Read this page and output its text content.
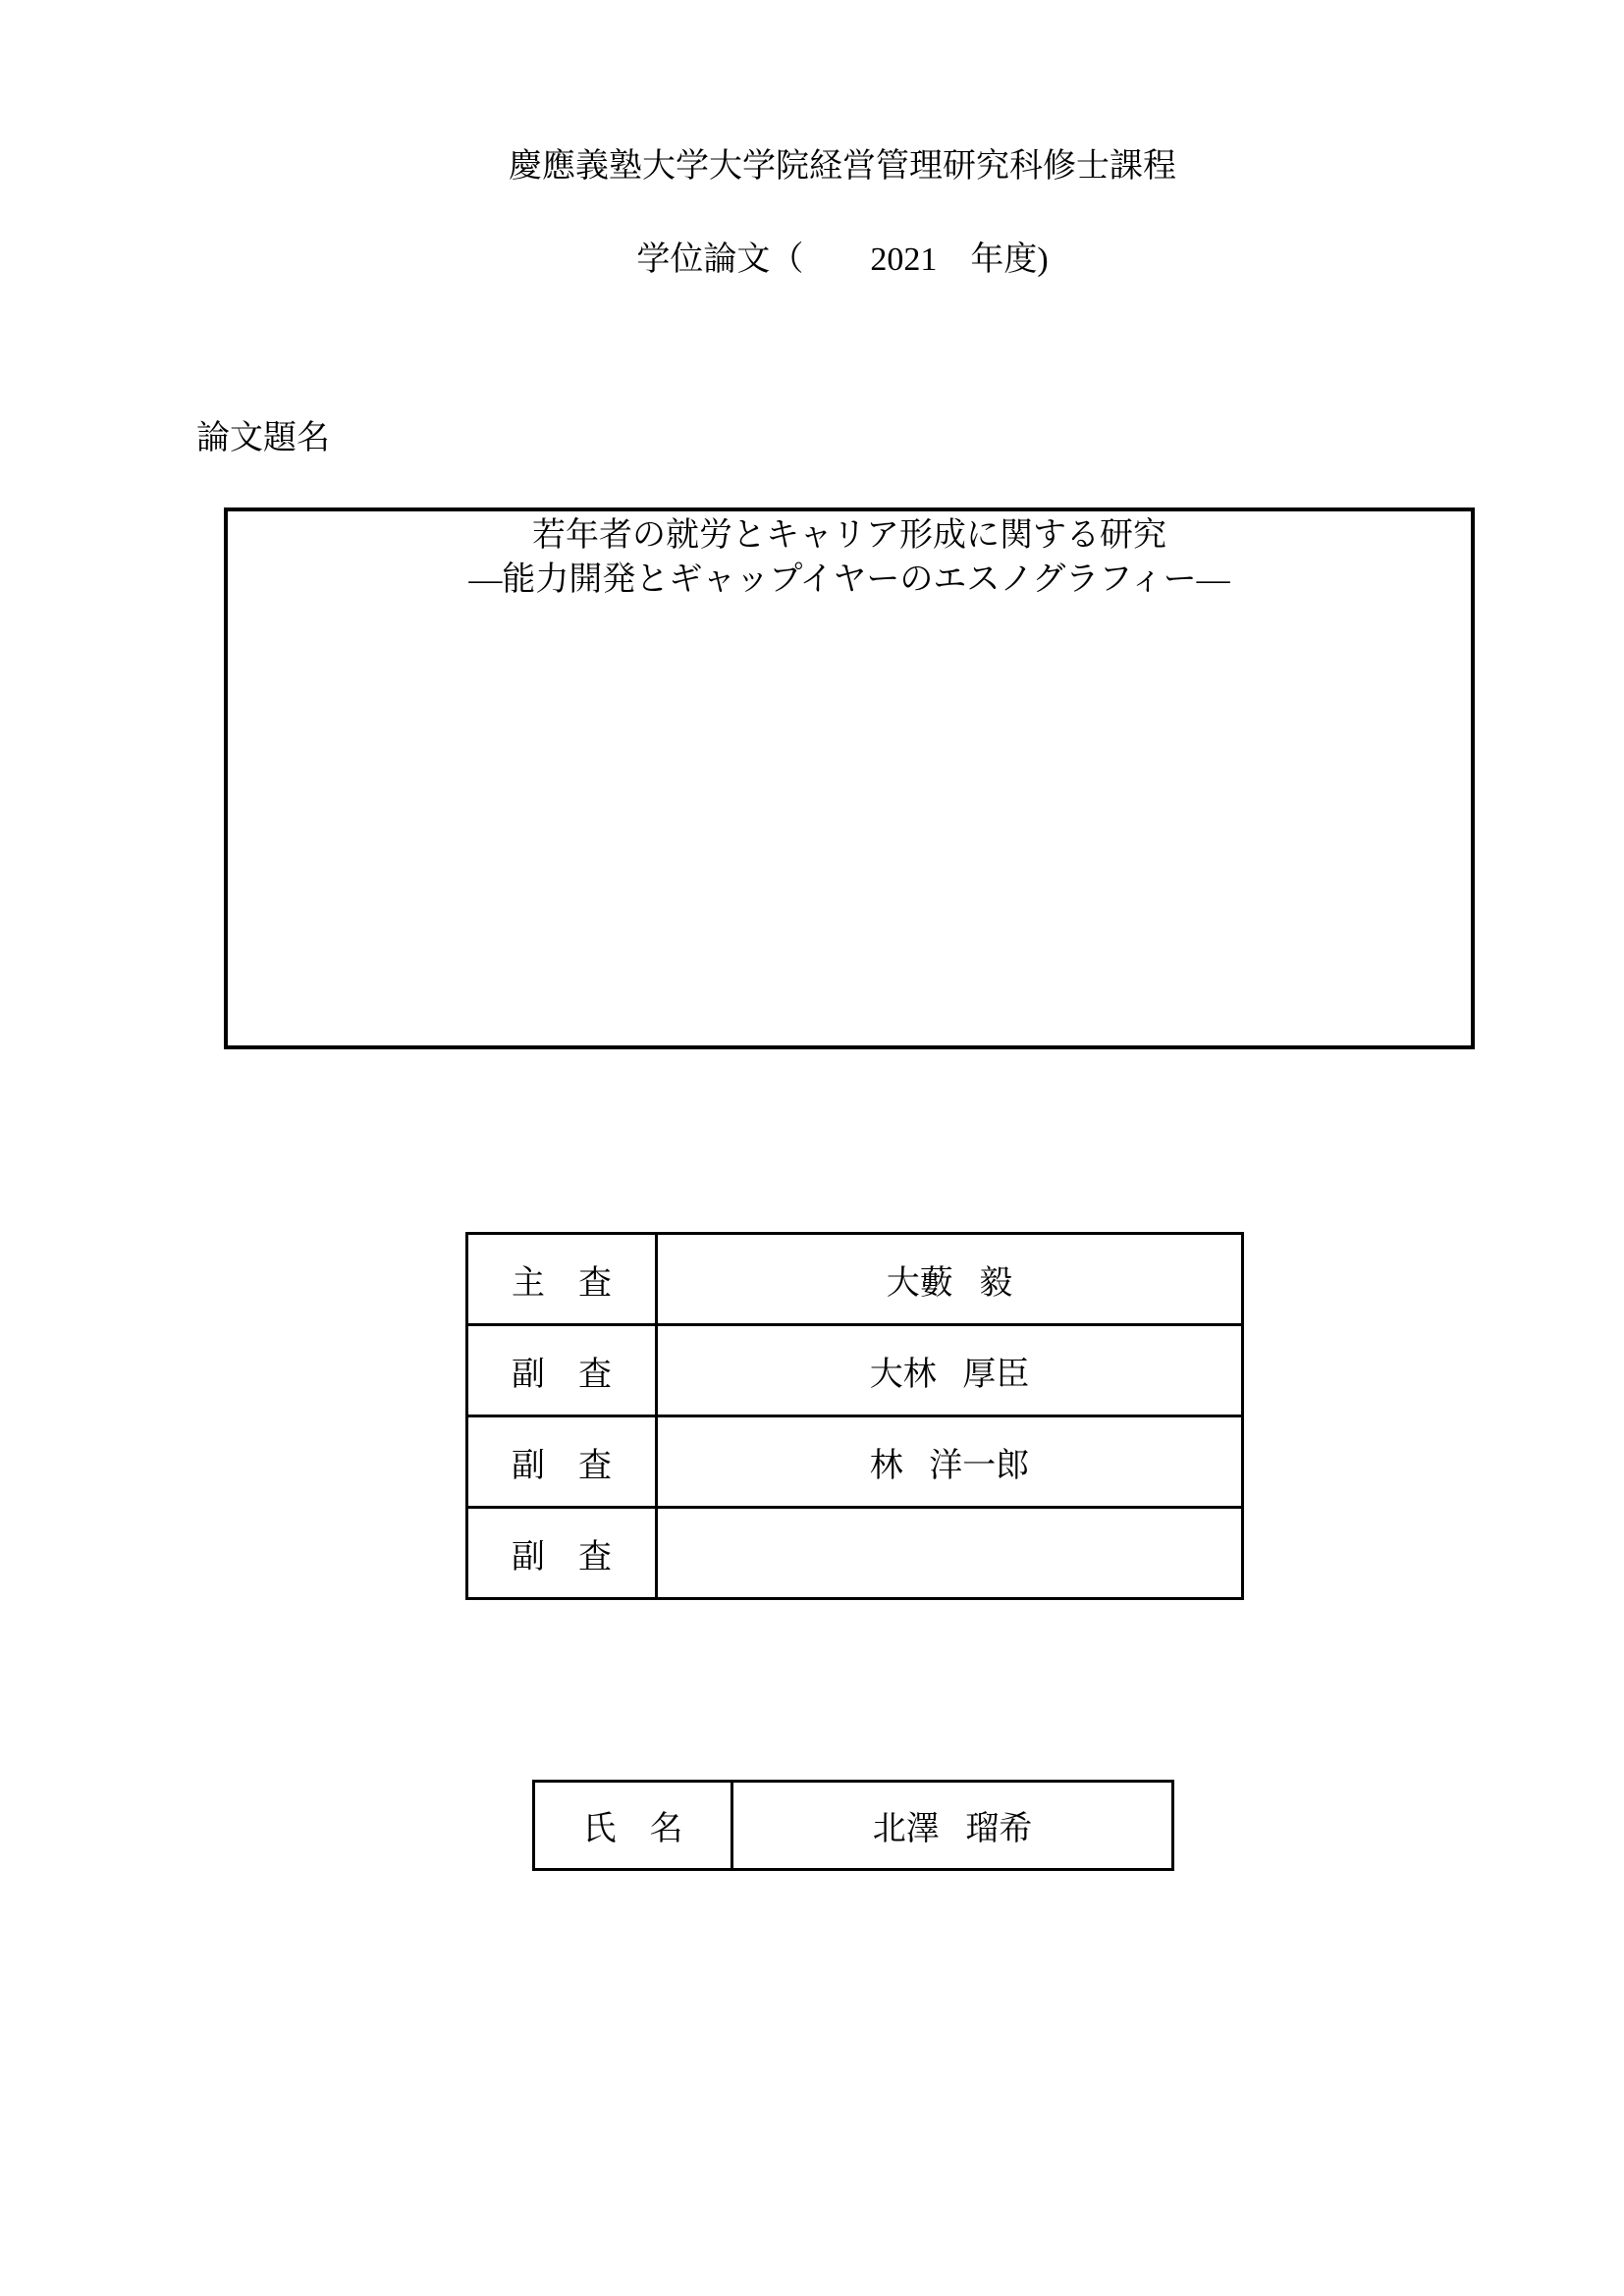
慶應義塾大学大学院経営管理研究科修士課程
学位論文（　　2021　年度)
論文題名
若年者の就労とキャリア形成に関する研究
―能力開発とギャップイヤーのエスノグラフィー―
主　査	大藪 毅
副　査	大林 厚臣
副　査	林 洋一郎
副　査	
氏　名	北澤 瑠希
